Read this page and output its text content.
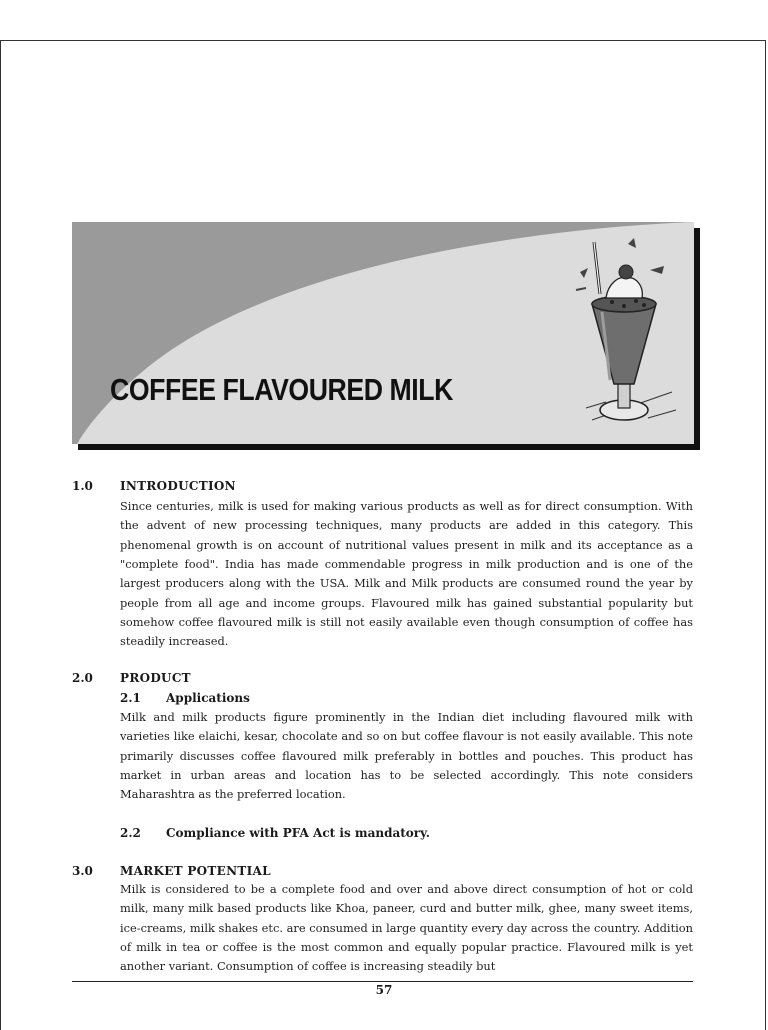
COFFEE FLAVOURED MILK
1.0 INTRODUCTION

Since centuries, milk is used for making various products as well as for direct consumption. With the advent of new processing techniques, many products are added in this category. This phenomenal growth is on account of nutritional values present in milk and its acceptance as a "complete food". India has made commendable progress in milk production and is one of the largest producers along with the USA. Milk and Milk products are consumed round the year by people from all age and income groups. Flavoured milk has gained substantial popularity but somehow coffee flavoured milk is still not easily available even though consumption of coffee has steadily increased.

2.0 PRODUCT
2.1 Applications

Milk and milk products figure prominently in the Indian diet including flavoured milk with varieties like elaichi, kesar, chocolate and so on but coffee flavour is not easily available. This note primarily discusses coffee flavoured milk preferably in bottles and pouches. This product has market in urban areas and location has to be selected accordingly. This note considers Maharashtra as the preferred location.

2.2 Compliance with PFA Act is mandatory.
3.0 MARKET POTENTIAL

Milk is considered to be a complete food and over and above direct consumption of hot or cold milk, many milk based products like Khoa, paneer, curd and butter milk, ghee, many sweet items, ice-creams, milk shakes etc. are consumed in large quantity every day across the country. Addition of milk in tea or coffee is the most common and equally popular practice. Flavoured milk is yet another variant. Consumption of coffee is increasing steadily but

57
